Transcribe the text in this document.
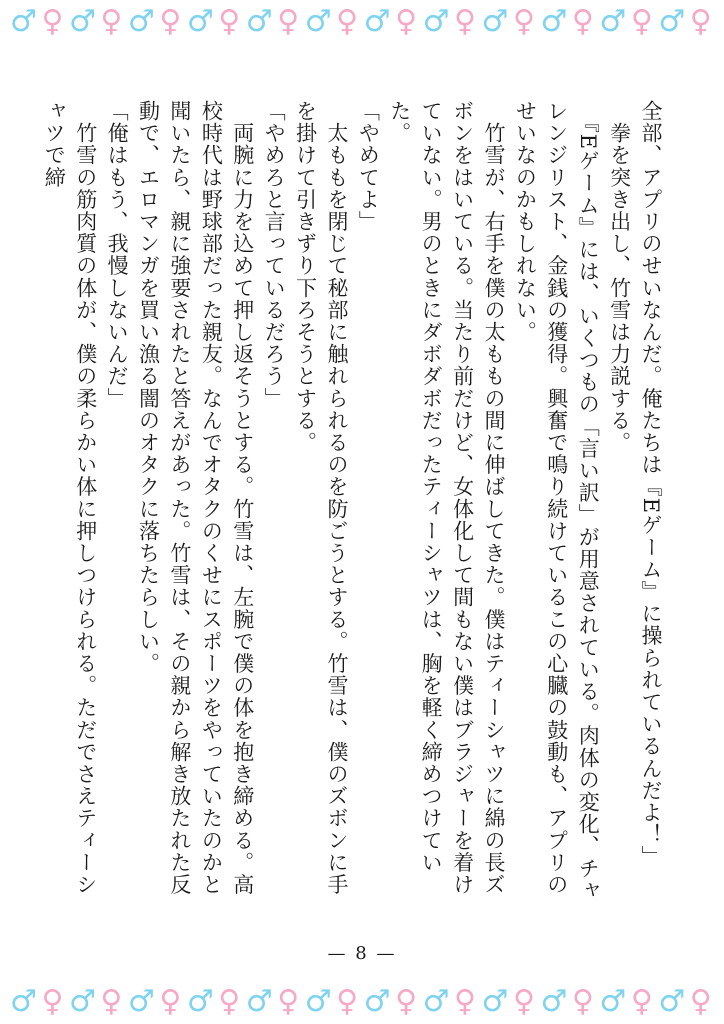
♂ ♀ ♂ ♀ ♂ ♀ ♂ ♀ ♂ ♀ ♂ ♀ ♂ ♀ ♂ ♀ ♂ ♀ ♂ ♀ ♂ ♀ ♂ ♀

全部、アプリのせいなんだ。俺たちは『Eゲーム』に操られているんだよ！」

　拳を突き出し、竹雪は力説する。

　『Eゲーム』には、いくつもの「言い訳」が用意されている。肉体の変化、チャレンジリスト、金銭の獲得。興奮で鳴り続けているこの心臓の鼓動も、アプリのせいなのかもしれない。

　竹雪が、右手を僕の太ももの間に伸ばしてきた。僕はティーシャツに綿の長ズボンをはいている。当たり前だけど、女体化して間もない僕はブラジャーを着けていない。男のときにダボダボだったティーシャツは、胸を軽く締めつけていた。

「やめてよ」

　太ももを閉じて秘部に触れられるのを防ごうとする。竹雪は、僕のズボンに手を掛けて引きずり下ろそうとする。

「やめろと言っているだろう」

　両腕に力を込めて押し返そうとする。竹雪は、左腕で僕の体を抱き締める。高校時代は野球部だった親友。なんでオタクのくせにスポーツをやっていたのかと聞いたら、親に強要されたと答えがあった。竹雪は、その親から解き放たれた反動で、エロマンガを買い漁る闇のオタクに落ちたらしい。

「俺はもう、我慢しないんだ」

　竹雪の筋肉質の体が、僕の柔らかい体に押しつけられる。ただでさえティーシャツで締

— 8 —
♂ ♀ ♂ ♀ ♂ ♀ ♂ ♀ ♂ ♀ ♂ ♀ ♂ ♀ ♂ ♀ ♂ ♀ ♂ ♀ ♂ ♀ ♂ ♀
